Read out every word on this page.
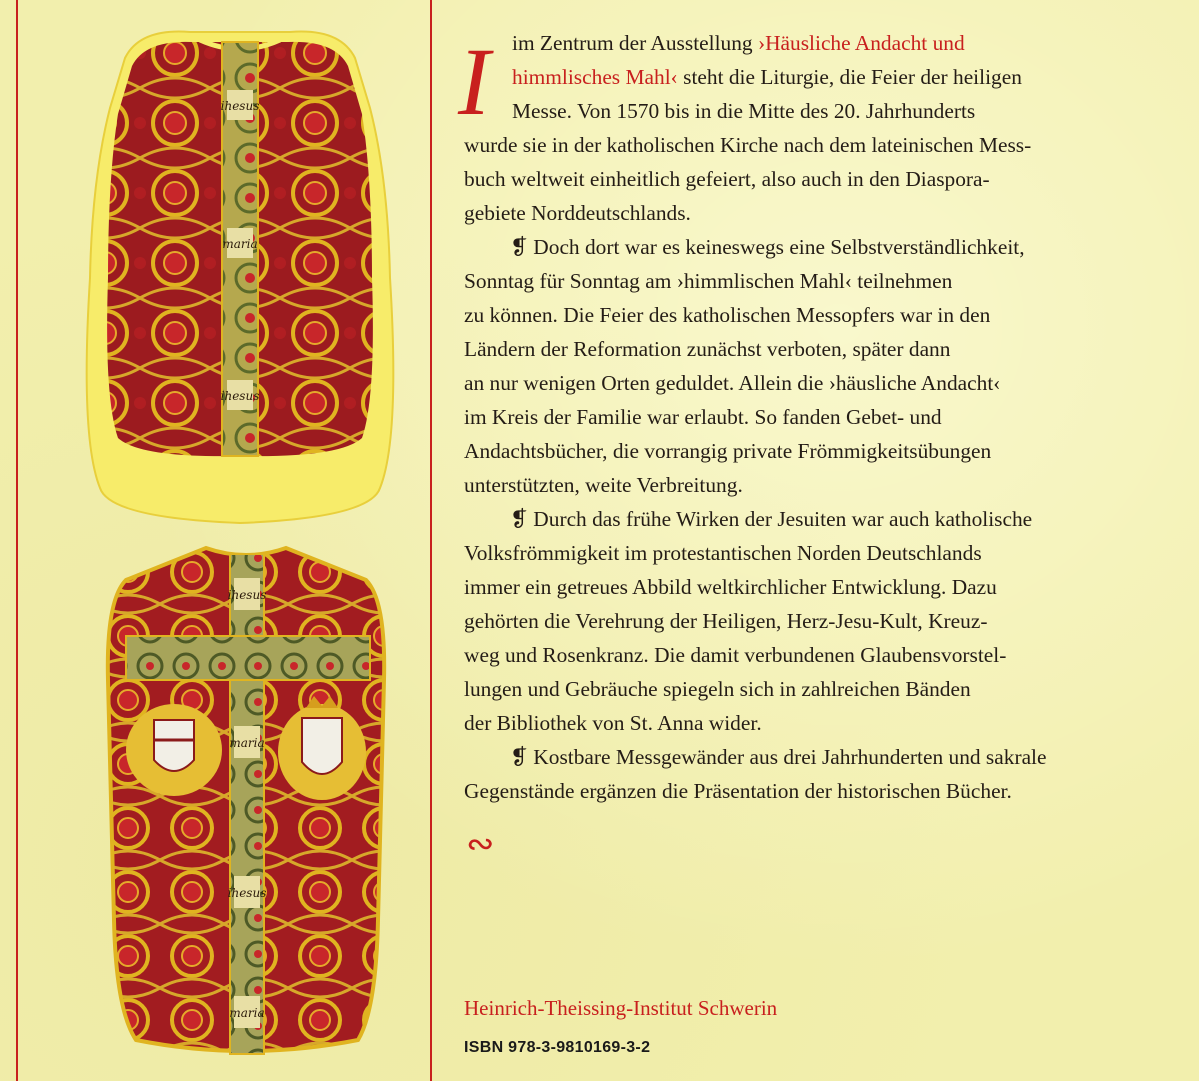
ihesus
maria
ihesus
ihesus
maria
ihesus
maria
I	im Zentrum der Ausstellung ›Häusliche Andacht und
himmlisches Mahl‹ steht die Liturgie, die Feier der heiligen
Messe. Von 1570 bis in die Mitte des 20. Jahrhunderts
wurde sie in der katholischen Kirche nach dem lateinischen Mess-
buch weltweit einheitlich gefeiert, also auch in den Diaspora-
gebiete Norddeutschlands.
❡ Doch dort war es keineswegs eine Selbstverständlichkeit,
Sonntag für Sonntag am ›himmlischen Mahl‹ teilnehmen
zu können. Die Feier des katholischen Messopfers war in den
Ländern der Reformation zunächst verboten, später dann
an nur wenigen Orten geduldet. Allein die ›häusliche Andacht‹
im Kreis der Familie war erlaubt. So fanden Gebet- und
Andachtsbücher, die vorrangig private Frömmigkeitsübungen
unterstützten, weite Verbreitung.
❡ Durch das frühe Wirken der Jesuiten war auch katholische
Volksfrömmigkeit im protestantischen Norden Deutschlands
immer ein getreues Abbild weltkirchlicher Entwicklung. Dazu
gehörten die Verehrung der Heiligen, Herz-Jesu-Kult, Kreuz-
weg und Rosenkranz. Die damit verbundenen Glaubensvorstel-
lungen und Gebräuche spiegeln sich in zahlreichen Bänden
der Bibliothek von St. Anna wider.
❡ Kostbare Messgewänder aus drei Jahrhunderten und sakrale
Gegenstände ergänzen die Präsentation der historischen Bücher.
∾
Heinrich-Theissing-Institut Schwerin
ISBN 978-3-9810169-3-2
